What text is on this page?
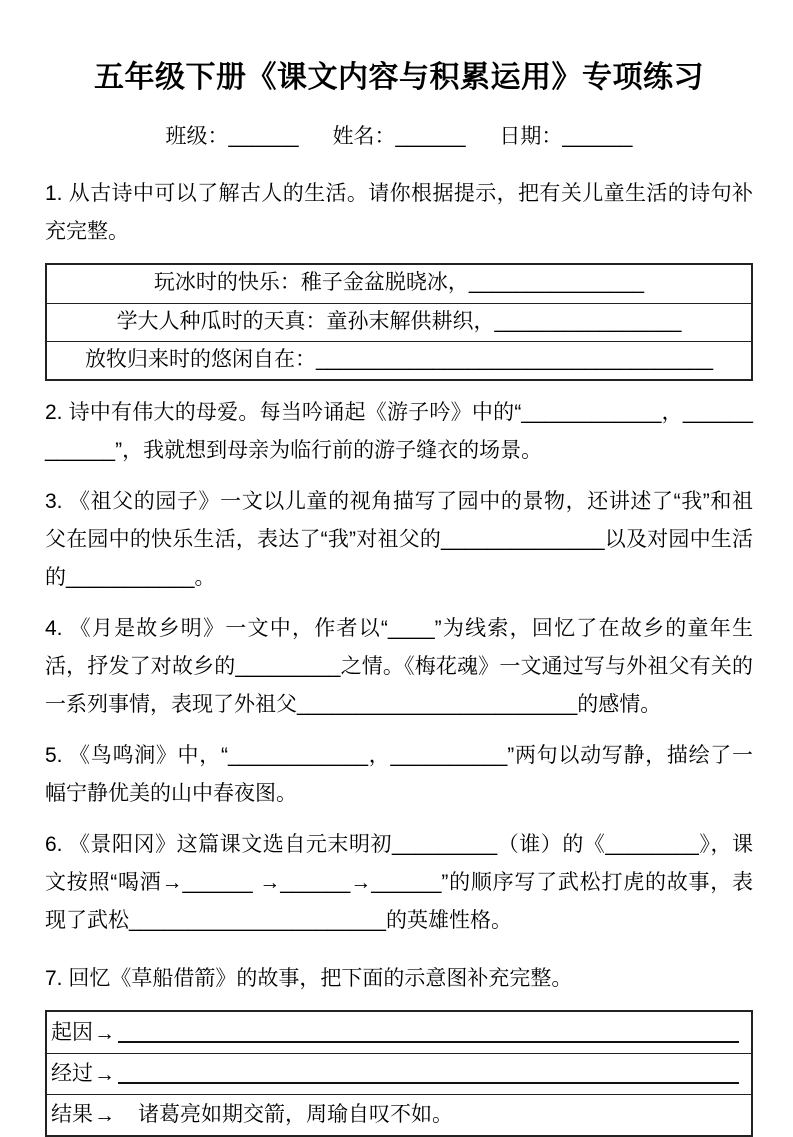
五年级下册《课文内容与积累运用》专项练习
班级：______ 姓名：______ 日期：______

1. 从古诗中可以了解古人的生活。请你根据提示，把有关儿童生活的诗句补充完整。

玩冰时的快乐：稚子金盆脱晓冰，_______________
学大人种瓜时的天真：童孙末解供耕织，________________
放牧归来时的悠闲自在：__________________________________

2. 诗中有伟大的母爱。每当吟诵起《游子吟》中的“____________，____________”，我就想到母亲为临行前的游子缝衣的场景。

3. 《祖父的园子》一文以儿童的视角描写了园中的景物，还讲述了“我”和祖父在园中的快乐生活，表达了“我”对祖父的______________以及对园中生活的___________。

4. 《月是故乡明》一文中，作者以“____”为线索，回忆了在故乡的童年生活，抒发了对故乡的_________之情。《梅花魂》一文通过写与外祖父有关的一系列事情，表现了外祖父________________________的感情。

5. 《鸟鸣涧》中，“____________，__________”两句以动写静，描绘了一幅宁静优美的山中春夜图。

6. 《景阳冈》这篇课文选自元末明初_________（谁）的《________》，课文按照“喝酒→______ →______→______”的顺序写了武松打虎的故事，表现了武松______________________的英雄性格。

7. 回忆《草船借箭》的故事，把下面的示意图补充完整。

起因 →
经过 →
结果 → 诸葛亮如期交箭，周瑜自叹不如。
